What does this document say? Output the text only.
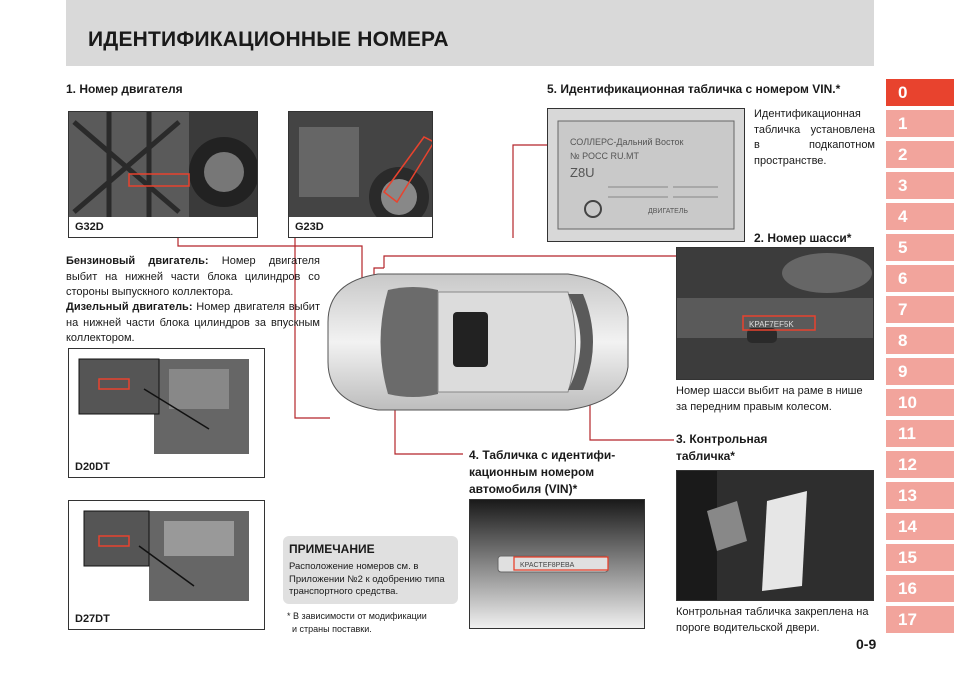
ИДЕНТИФИКАЦИОННЫЕ НОМЕРА
1. Номер двигателя
G32D	G23D
Бензиновый двигатель: Номер двигателя выбит на нижней части блока цилиндров со стороны выпускного коллектора.
Дизельный двигатель: Номер двигателя выбит на нижней части блока цилиндров за впускным коллектором.
D20DT
D27DT
5. Идентификационная табличка с номером VIN.*
СОЛЛЕРС-Дальний Восток
№ РОСС RU.МТ
Z8U
ДВИГАТЕЛЬ
Идентификационная табличка установлена в подкапотном пространстве.
2. Номер шасси*
KPAF7EF5K
Номер шасси выбит на раме в нише за передним правым колесом.
3. Контрольная
табличка*
Контрольная табличка закреплена на пороге водительской двери.
4. Табличка с идентифи-
кационным номером
автомобиля (VIN)*
KPACTEF8PEBA
ПРИМЕЧАНИЕ
Расположение номеров см. в Приложении №2 к одобрению типа транспортного средства.
* В зависимости от модификации
и страны поставки.
0
1
2
3
4
5
6
7
8
9
10
11
12
13
14
15
16
17
0-9
